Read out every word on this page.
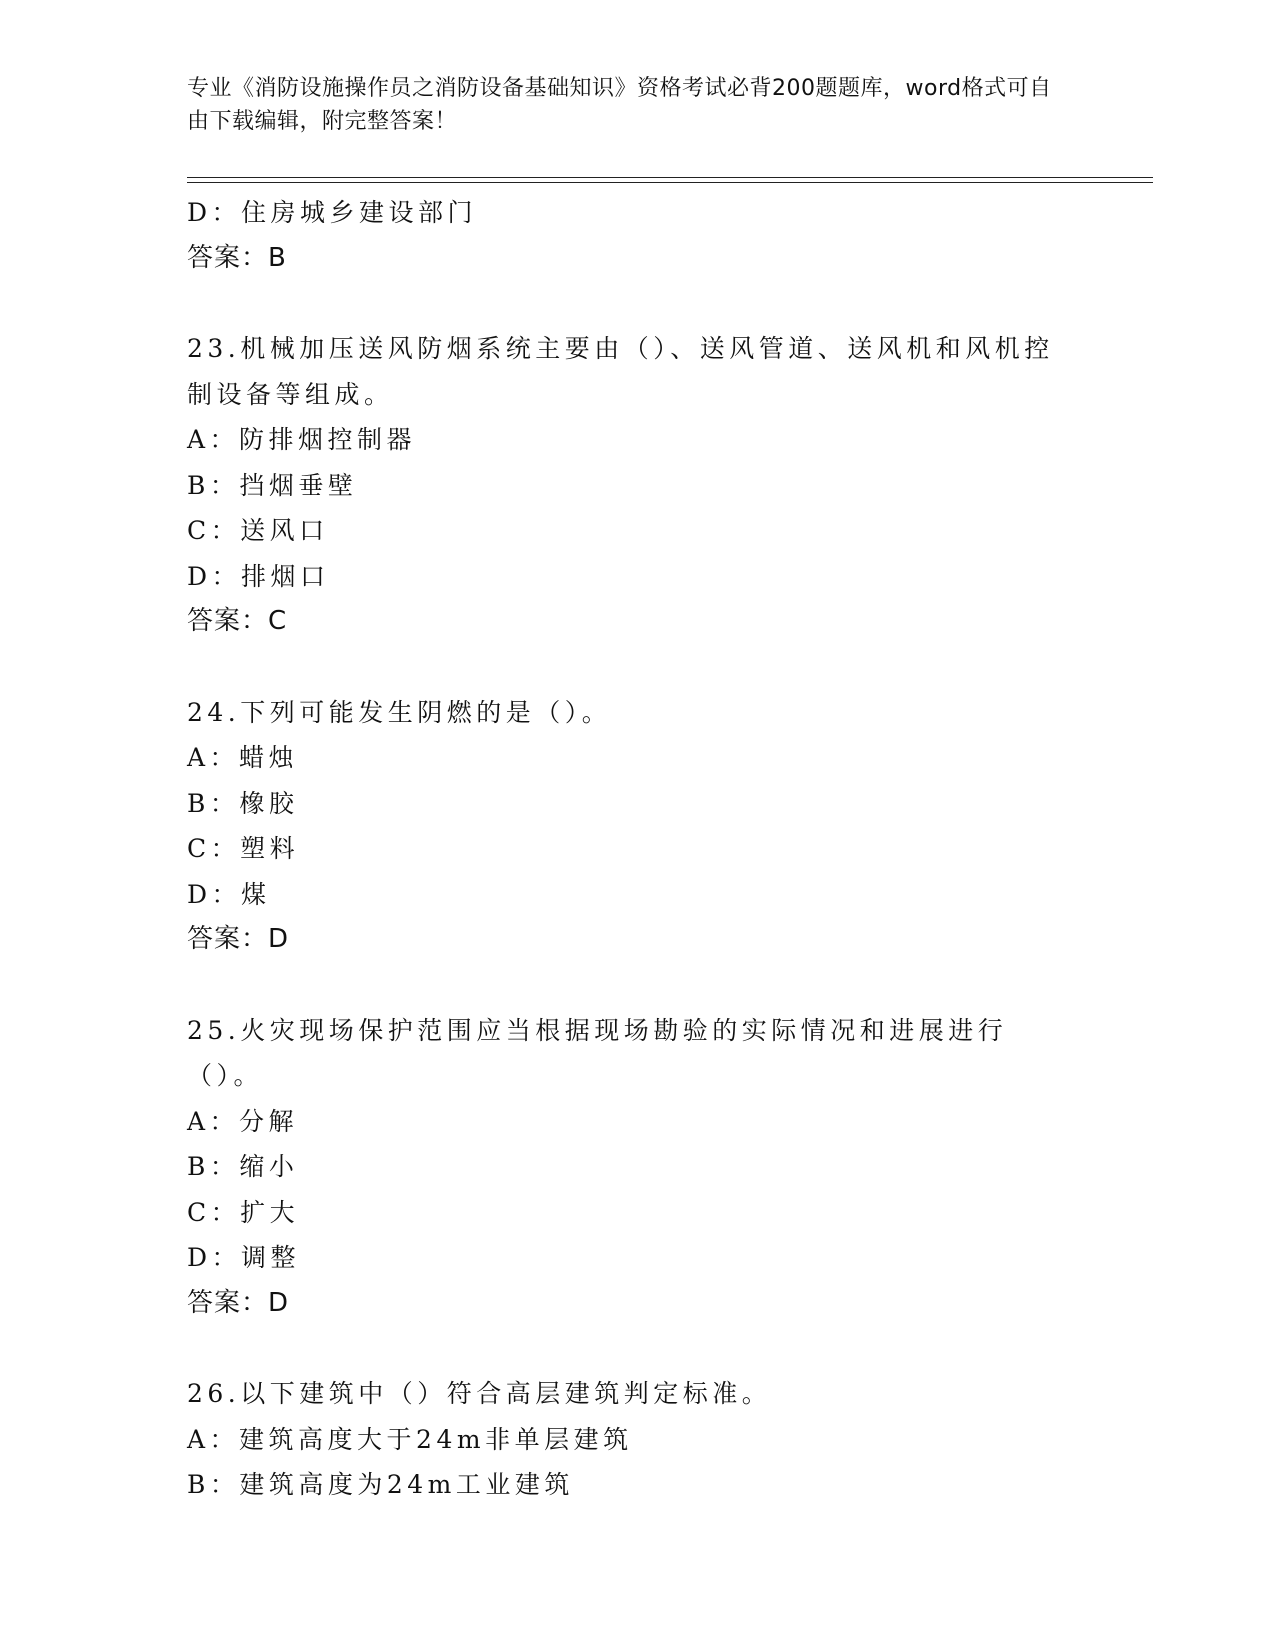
专业《消防设施操作员之消防设备基础知识》资格考试必背200题题库，word格式可自由下载编辑，附完整答案！
D：住房城乡建设部门
答案：B
23.机械加压送风防烟系统主要由（）、送风管道、送风机和风机控制设备等组成。
A：防排烟控制器
B：挡烟垂壁
C：送风口
D：排烟口
答案：C
24.下列可能发生阴燃的是（）。
A：蜡烛
B：橡胶
C：塑料
D：煤
答案：D
25.火灾现场保护范围应当根据现场勘验的实际情况和进展进行（）。
A：分解
B：缩小
C：扩大
D：调整
答案：D
26.以下建筑中（）符合高层建筑判定标准。
A：建筑高度大于24m非单层建筑
B：建筑高度为24m工业建筑
